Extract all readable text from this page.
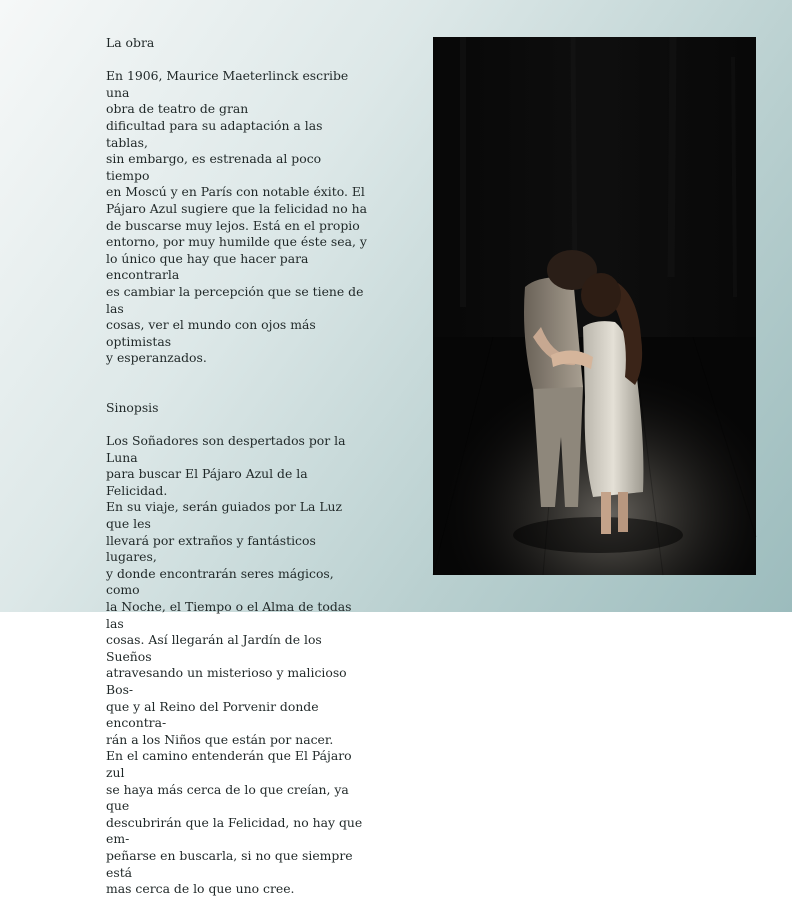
La obra

En 1906, Maurice Maeterlinck escribe una
obra de teatro de gran
dificultad para su adaptación a las tablas,
sin embargo, es estrenada al poco tiempo
en Moscú y en París con notable éxito. El
Pájaro Azul sugiere que la felicidad no ha
de buscarse muy lejos. Está en el propio
entorno, por muy humilde que éste sea, y
lo único que hay que hacer para encontrarla
es cambiar la percepción que se tiene de las
cosas, ver el mundo con ojos más optimistas
y esperanzados.

Sinopsis

Los Soñadores son despertados por la Luna
para buscar El Pájaro Azul de la Felicidad.
En su viaje, serán guiados por La Luz que les
llevará por extraños y fantásticos lugares,
y donde encontrarán seres mágicos, como
la Noche, el Tiempo o el Alma de todas las
cosas. Así llegarán al Jardín de los Sueños
atravesando un misterioso y malicioso Bos-
que y al Reino del Porvenir donde encontra-
rán a los Niños que están por nacer.
En el camino entenderán que El Pájaro zul
se haya más cerca de lo que creían, ya que
descubrirán que la Felicidad, no hay que em-
peñarse en buscarla, si no que siempre está
mas cerca de lo que uno cree.
